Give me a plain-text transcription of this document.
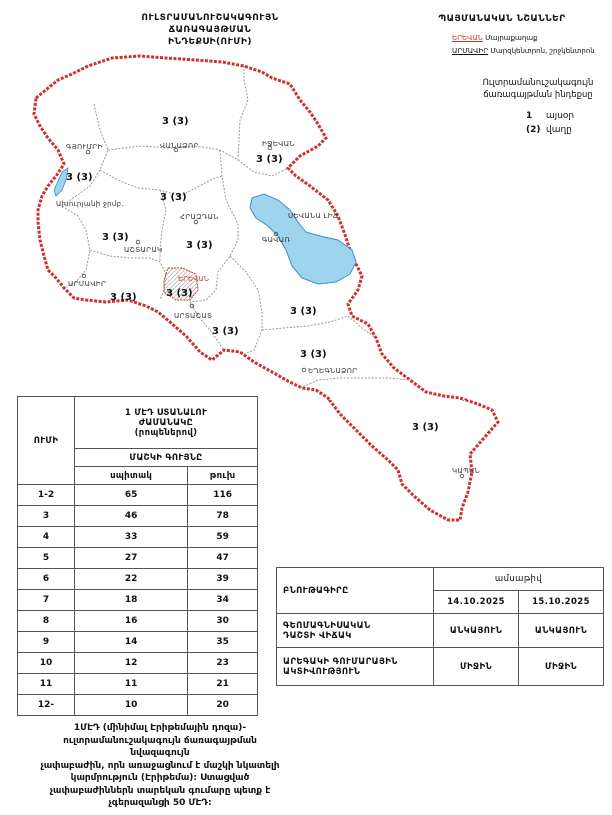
ՈՒԼՏՐԱՄԱՆՈՒՇԱԿԱԳՈՒՅՆ ՃԱՌԱԳԱՅԹՄԱՆ
ԻՆԴԵՔՍԻ(ՈՒՄԻ)
ՊԱՅՄԱՆԱԿԱՆ ՆՇԱՆՆԵՐ
ԵՐԵՎԱՆ Մայրաքաղաք
ԱՐՄԱՎԻՐ Մարզկենտրոն, շրջկենտրոն
Ուլտրամանուշակագույն
ճառագայթման ինդեքսը
1 այսօր
(2) վաղը
ՍԵՎԱՆԱ ԼԻՃ
Ախուրյանի ջրմբ.
ԳՅՈՒՄՐԻ	ՎԱՆԱՁՈՐ	ԻՋԵՎԱՆ
ՀՐԱԶԴԱՆ
ԳԱՎԱՌ
ԱՇՏԱՐԱԿ
ԵՐԵՎԱՆ
ԱՐՄԱՎԻՐ
ԱՐՏԱՇԱՏ
ԵՂԵԳՆԱՁՈՐ
3 (3)
3 (3)
3 (3)
3 (3)
3 (3)
3 (3)
3 (3)	3 (3)
3 (3)
3 (3)
3 (3)
ԿԱՊԱՆ
3 (3)
ՈՒՄԻ	1 ՄԷԴ ՍՏԱՆԱԼՈՒ
ԺԱՄԱՆԱԿԸ
(րոպեներով)	

	ՄԱՇԿԻ ԳՈՒՅՆԸ	
	սպիտակ	թուխ
1-2	65	116
3	46	78
4	33	59
5	27	47
6	22	39
7	18	34
8	16	30
9	14	35
10	12	23
11	11	21
12-	10	20
ԲՆՈՒԹԱԳԻՐԸ	ամսաթիվ	
	14.10.2025	15.10.2025

ԳԵՈՄԱԳՆԻՍԱԿԱՆ
ԴԱՇՏԻ ՎԻՃԱԿ	ԱՆԿԱՅՈՒՆ	ԱՆԿԱՅՈՒՆ

ԱՐԵԳԱԿԻ ԳՈՒՄԱՐԱՅԻՆ
ԱԿՏԻՎՈՒԹՅՈՒՆ	ՄԻՋԻՆ	ՄԻՋԻՆ
1ՄԷԴ (մինիմալ Էրիթեմային դոզա)-
ուլտրամանուշակագույն ճառագայթման նվազագույն
չափաբաժին, որն առաջացնում է մաշկի նկատելի
կարմրություն (Էրիթեմա): Ստացված
չափաբաժիններն տարեկան գումարը պետք է
չգերազանցի 50 ՄԷԴ:
